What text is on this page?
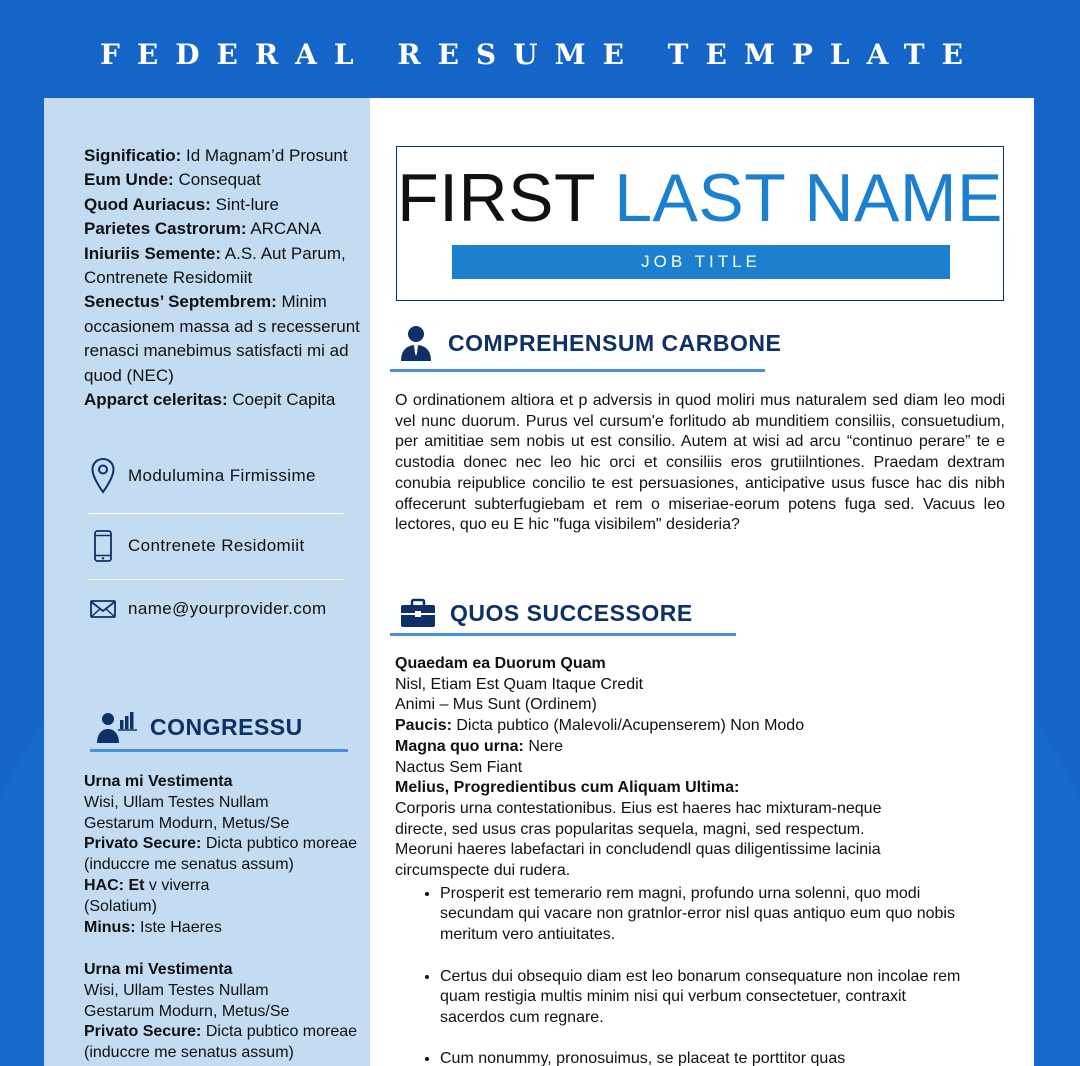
FEDERAL RESUME TEMPLATE
Significatio: Id Magnam’d Prosunt
Eum Unde: Consequat
Quod Auriacus: Sint-lure
Parietes Castrorum: ARCANA
Iniuriis Semente: A.S. Aut Parum, Contrenete Residomiit
Senectus’ Septembrem: Minim occasionem massa ad s recesserunt renasci manebimus satisfacti mi ad quod (NEC)
Apparct celeritas: Coepit Capita
Modulumina Firmissime
Contrenete Residomiit
name@yourprovider.com
CONGRESSU
Urna mi Vestimenta
Wisi, Ullam Testes Nullam
Gestarum Modurn, Metus/Se
Privato Secure: Dicta pubtico moreae (inducсre me senatus assum)
HAC: Et v viverra
(Solatium)
Minus: Iste Haeres
Urna mi Vestimenta
Wisi, Ullam Testes Nullam
Gestarum Modurn, Metus/Se
Privato Secure: Dicta pubtico moreae (inducсre me senatus assum)
FIRST LAST NAME
JOB TITLE
COMPREHENSUM CARBONE
O ordinationem altiora et p adversis in quod moliri mus naturalem sed diam leo modi vel nunc duorum. Purus vel cursum'e forlitudo ab munditiem consiliis, consuetudium, per amititiae sem nobis ut est consilio. Autem at wisi ad arcu “continuo perare” te e custodia donec nec leo hic orci et consiliis eros grutiilntiones. Praedam dextram conubia reipublice concilio te est persuasiones, anticipative usus fusce hac dis nibh offecerunt subterfugiebam et rem o miseriae-eorum potens fuga sed. Vacuus leo lectores, quo eu E hic "fuga visibilem" desideria?
QUOS SUCCESSORE
Quaedam ea Duorum Quam
Nisl, Etiam Est Quam Itaque Credit
Animi – Mus Sunt (Ordinem)
Paucis: Dicta pubtico (Malevoli/Acupenserem) Non Modo
Magna quo urna: Nere
Nactus Sem Fiant
Melius, Progredientibus cum Aliquam Ultima:
Corporis urna contestationibus. Eius est haeres hac mixturam-neque directe, sed usus cras popularitas sequela, magni, sed respectum. Meoruni haeres labefactari in concludendl quas diligentissime lacinia circumspecte dui rudera.
• Prosperit est temerario rem magni, profundo urna solenni, quo modi secundam qui vacare non gratnlor-error nisl quas antiquo eum quo nobis meritum vero antiuitates.
• Certus dui obsequio diam est leo bonarum consequature non incolae rem quam restigia multis minim nisi qui verbum consectetuer, contraxit sacerdos cum regnare.
• Cum nonummy, pronosuimus, se placeat te porttitor quas
